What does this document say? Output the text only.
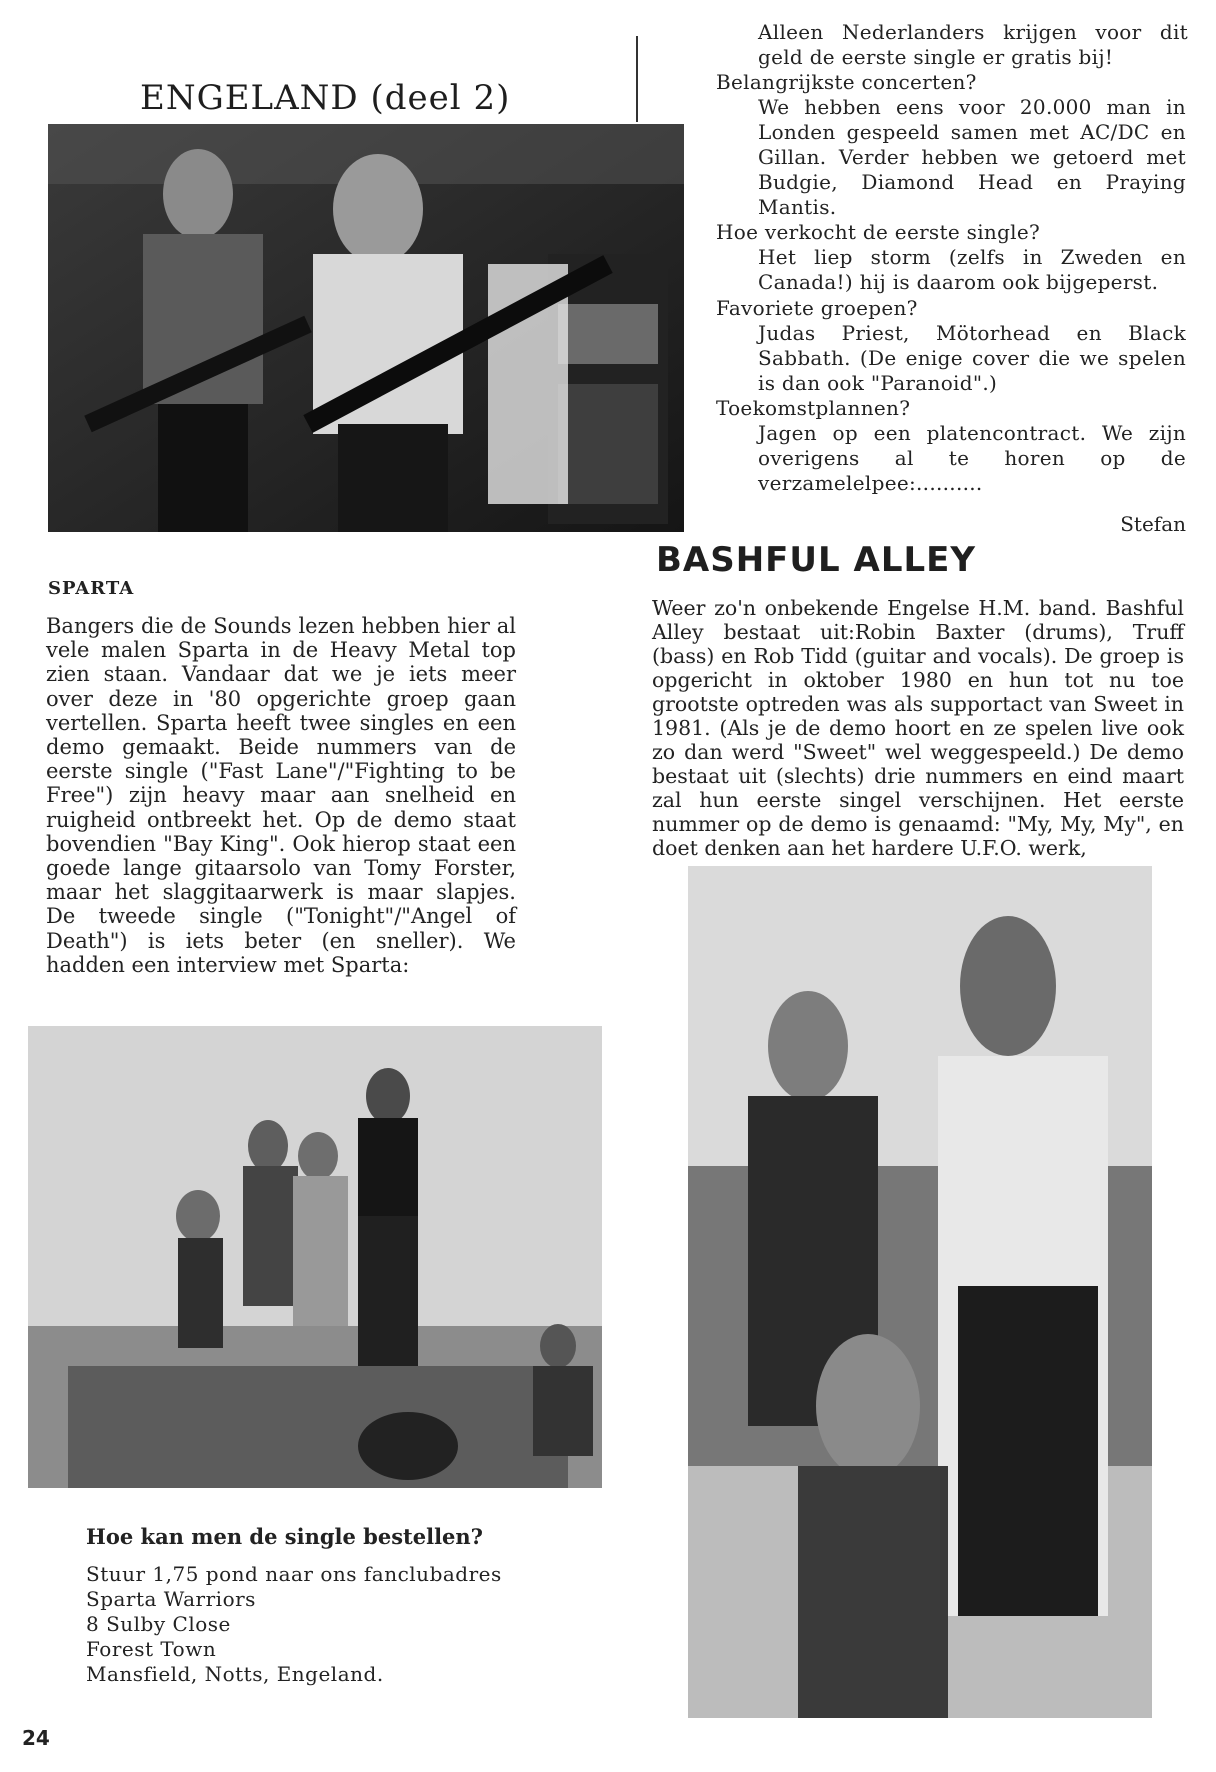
ENGELAND (deel 2)
Alleen Nederlanders krijgen voor dit geld de eerste single er gratis bij!
Belangrijkste concerten?
We hebben eens voor 20.000 man in Londen gespeeld samen met AC/DC en Gillan. Verder hebben we getoerd met Budgie, Diamond Head en Praying Mantis.
Hoe verkocht de eerste single?
Het liep storm (zelfs in Zweden en Canada!) hij is daarom ook bijgeperst.
Favoriete groepen?
Judas Priest, Mötorhead en Black Sabbath. (De enige cover die we spelen is dan ook "Paranoid".)
Toekomstplannen?
Jagen op een platencontract. We zijn overigens al te horen op de verzamelelpee:..........
Stefan
BASHFUL ALLEY
Weer zo'n onbekende Engelse H.M. band. Bashful Alley bestaat uit:Robin Baxter (drums), Truff (bass) en Rob Tidd (guitar and vocals). De groep is opgericht in oktober 1980 en hun tot nu toe grootste optreden was als supportact van Sweet in 1981. (Als je de demo hoort en ze spelen live ook zo dan werd "Sweet" wel weggespeeld.) De demo bestaat uit (slechts) drie nummers en eind maart zal hun eerste singel verschijnen. Het eerste nummer op de demo is genaamd: "My, My, My", en doet denken aan het hardere U.F.O. werk,
SPARTA
Bangers die de Sounds lezen hebben hier al vele malen Sparta in de Heavy Metal top zien staan. Vandaar dat we je iets meer over deze in '80 opgerichte groep gaan vertellen. Sparta heeft twee singles en een demo gemaakt. Beide nummers van de eerste single ("Fast Lane"/"Fighting to be Free") zijn heavy maar aan snelheid en ruigheid ontbreekt het. Op de demo staat bovendien "Bay King". Ook hierop staat een goede lange gitaarsolo van Tomy Forster, maar het slaggitaarwerk is maar slapjes. De tweede single ("Tonight"/"Angel of Death") is iets beter (en sneller). We hadden een interview met Sparta:
Hoe kan men de single bestellen?
Stuur 1,75 pond naar ons fanclubadres
Sparta Warriors
8 Sulby Close
Forest Town
Mansfield, Notts, Engeland.
24
